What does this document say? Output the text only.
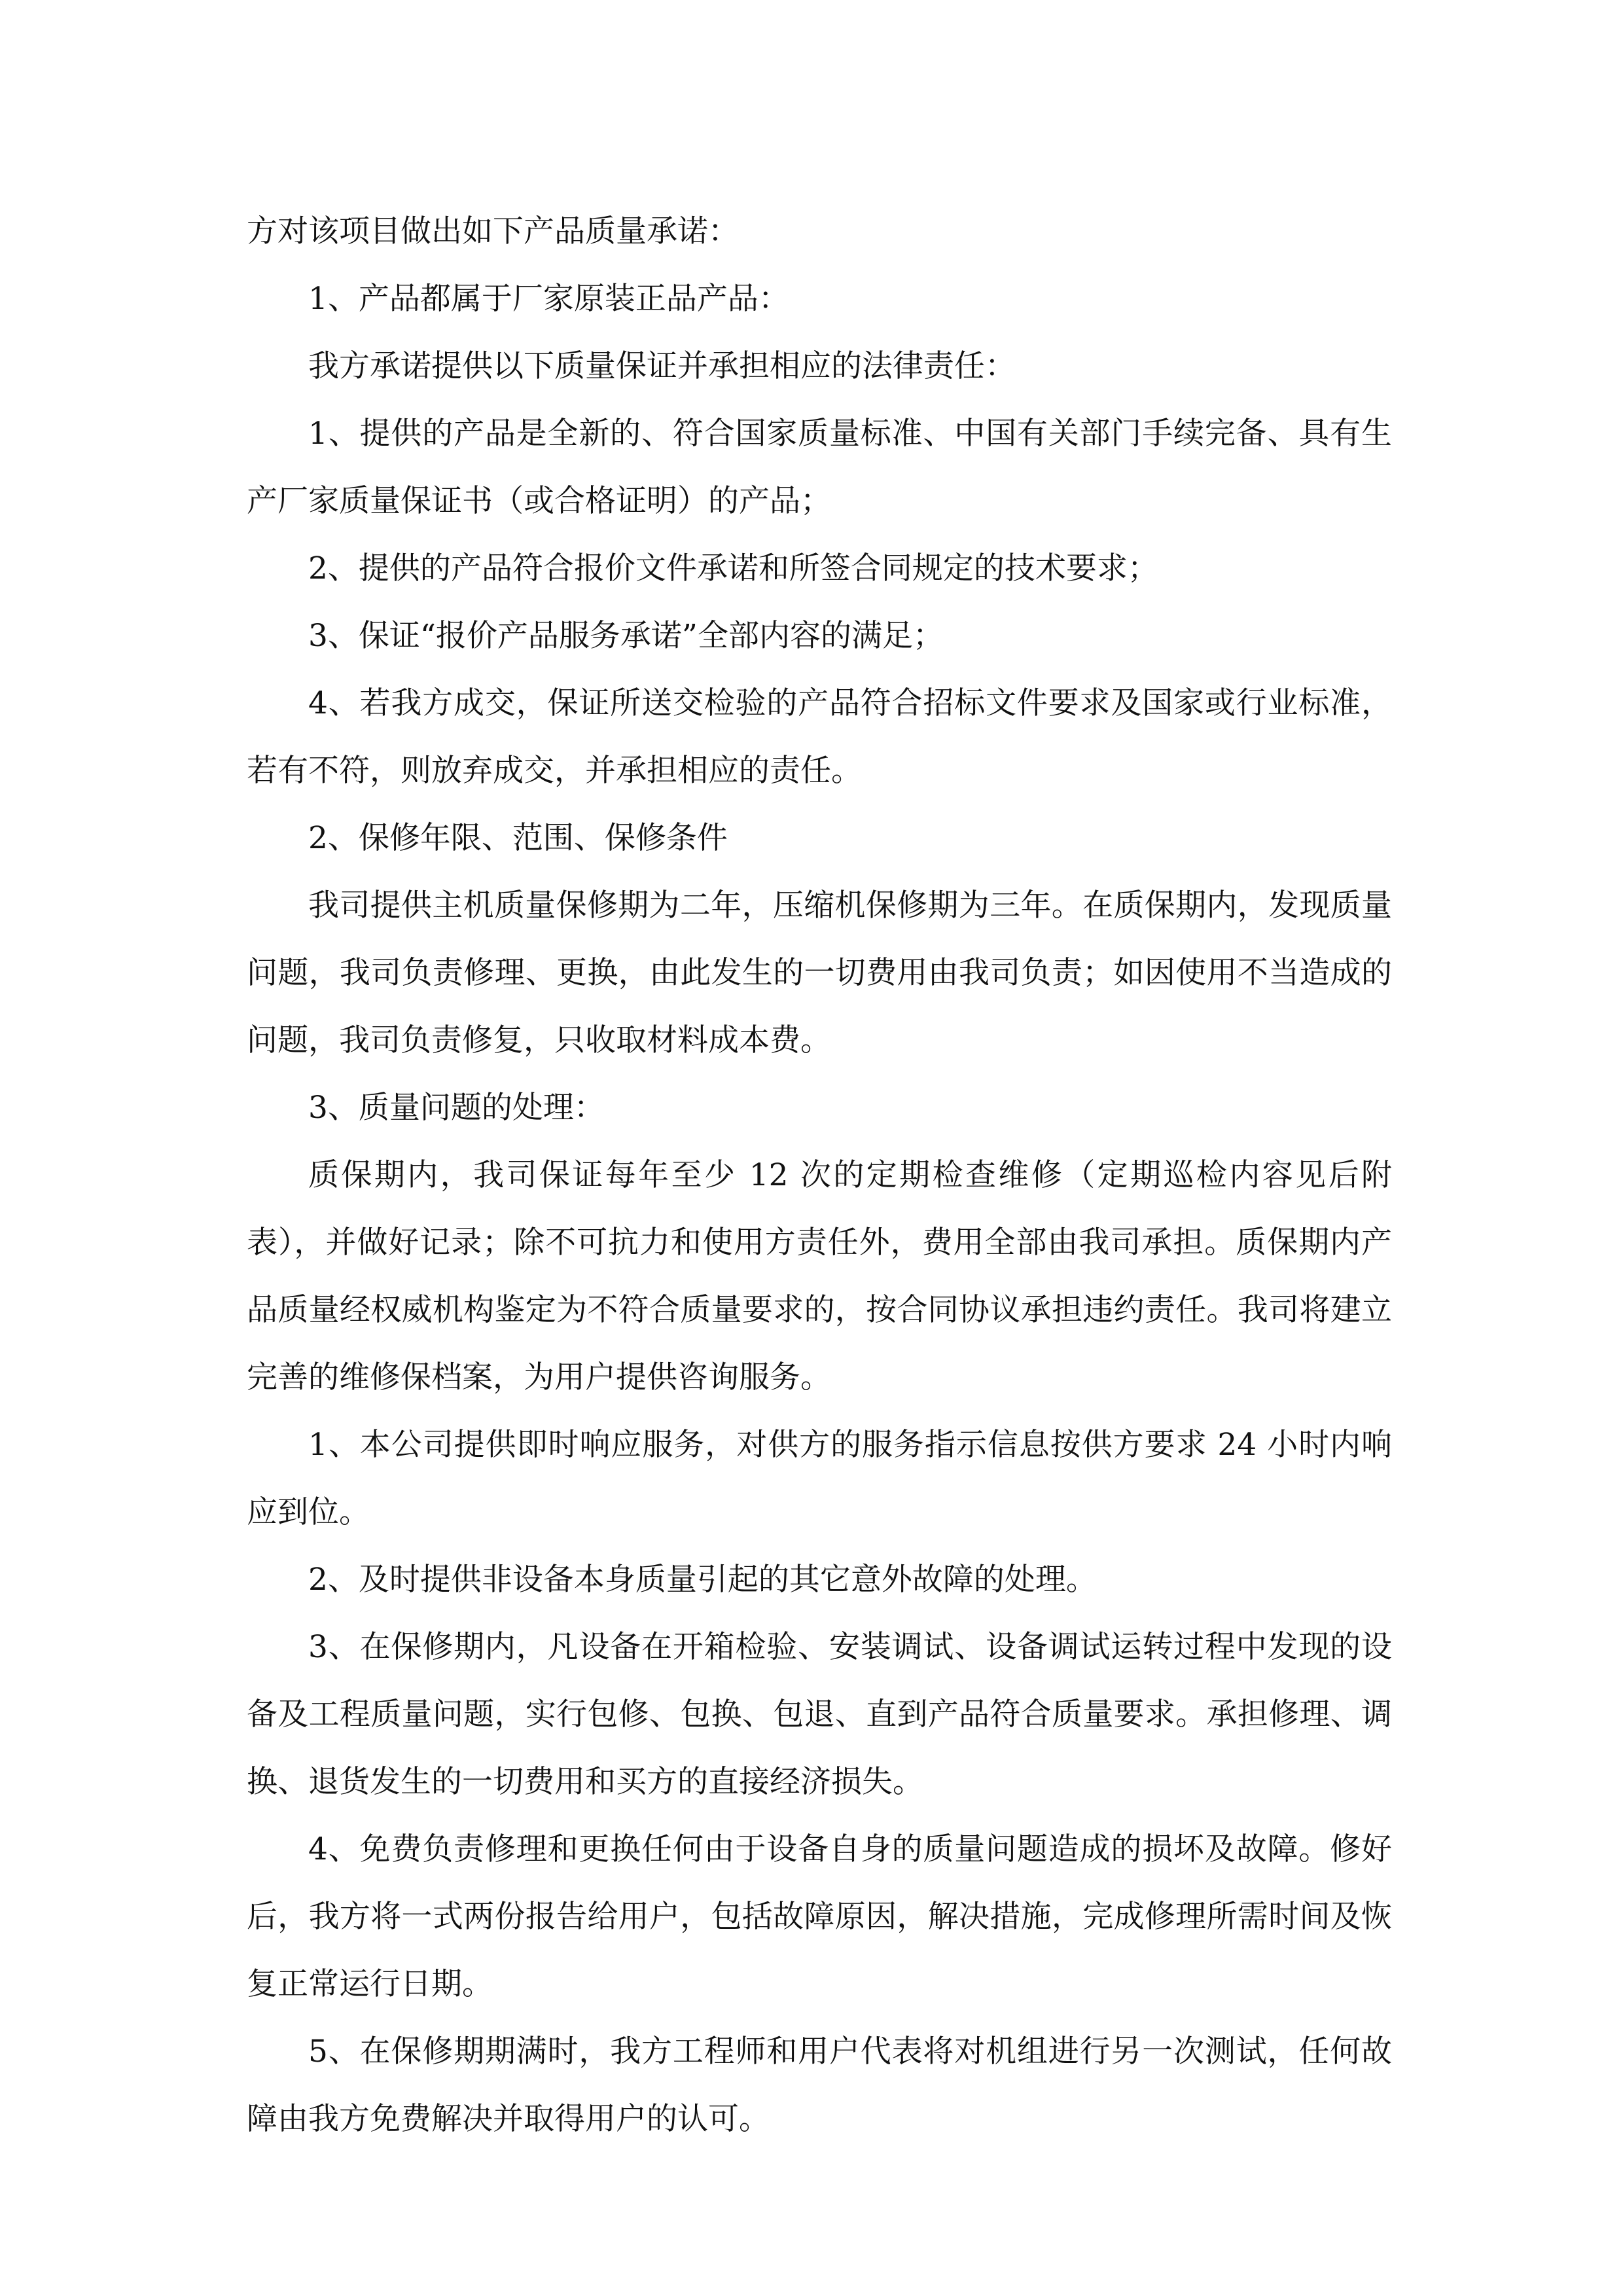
方对该项目做出如下产品质量承诺：

1、产品都属于厂家原装正品产品：

我方承诺提供以下质量保证并承担相应的法律责任：

1、提供的产品是全新的、符合国家质量标准、中国有关部门手续完备、具有生产厂家质量保证书（或合格证明）的产品；

2、提供的产品符合报价文件承诺和所签合同规定的技术要求；

3、保证“报价产品服务承诺”全部内容的满足；

4、若我方成交，保证所送交检验的产品符合招标文件要求及国家或行业标准，若有不符，则放弃成交，并承担相应的责任。

2、保修年限、范围、保修条件

我司提供主机质量保修期为二年，压缩机保修期为三年。在质保期内，发现质量问题，我司负责修理、更换，由此发生的一切费用由我司负责；如因使用不当造成的问题，我司负责修复，只收取材料成本费。

3、质量问题的处理：

质保期内，我司保证每年至少 12 次的定期检查维修（定期巡检内容见后附表），并做好记录；除不可抗力和使用方责任外，费用全部由我司承担。质保期内产品质量经权威机构鉴定为不符合质量要求的，按合同协议承担违约责任。我司将建立完善的维修保档案，为用户提供咨询服务。

1、本公司提供即时响应服务，对供方的服务指示信息按供方要求 24 小时内响应到位。

2、及时提供非设备本身质量引起的其它意外故障的处理。

3、在保修期内，凡设备在开箱检验、安装调试、设备调试运转过程中发现的设备及工程质量问题，实行包修、包换、包退、直到产品符合质量要求。承担修理、调换、退货发生的一切费用和买方的直接经济损失。

4、免费负责修理和更换任何由于设备自身的质量问题造成的损坏及故障。修好后，我方将一式两份报告给用户，包括故障原因，解决措施，完成修理所需时间及恢复正常运行日期。

5、在保修期期满时，我方工程师和用户代表将对机组进行另一次测试，任何故障由我方免费解决并取得用户的认可。
